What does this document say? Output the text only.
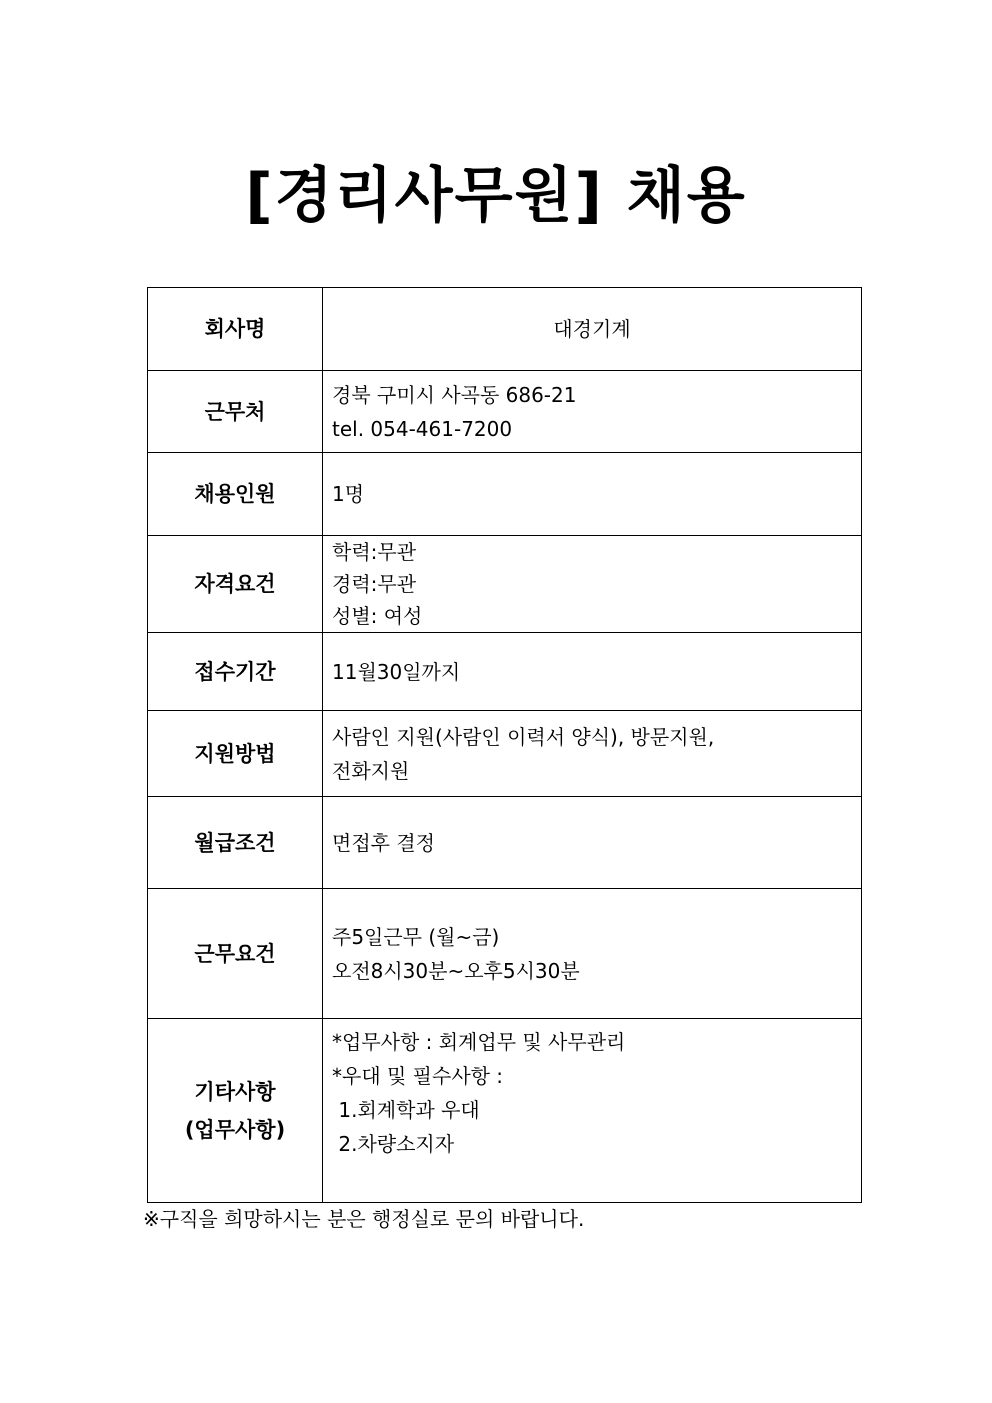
[경리사무원] 채용
회사명	대경기계

근무처	경북 구미시 사곡동 686-21
tel. 054-461-7200

채용인원	1명

자격요건	학력:무관
경력:무관
성별: 여성

접수기간	11월30일까지

지원방법	사람인 지원(사람인 이력서 양식), 방문지원,
전화지원

월급조건	면접후 결정

근무요건	주5일근무 (월~금)
오전8시30분~오후5시30분

기타사항
(업무사항)	*업무사항 : 회계업무 및 사무관리
*우대 및 필수사항 :
1.회계학과 우대
2.차량소지자
※구직을 희망하시는 분은 행정실로 문의 바랍니다.
